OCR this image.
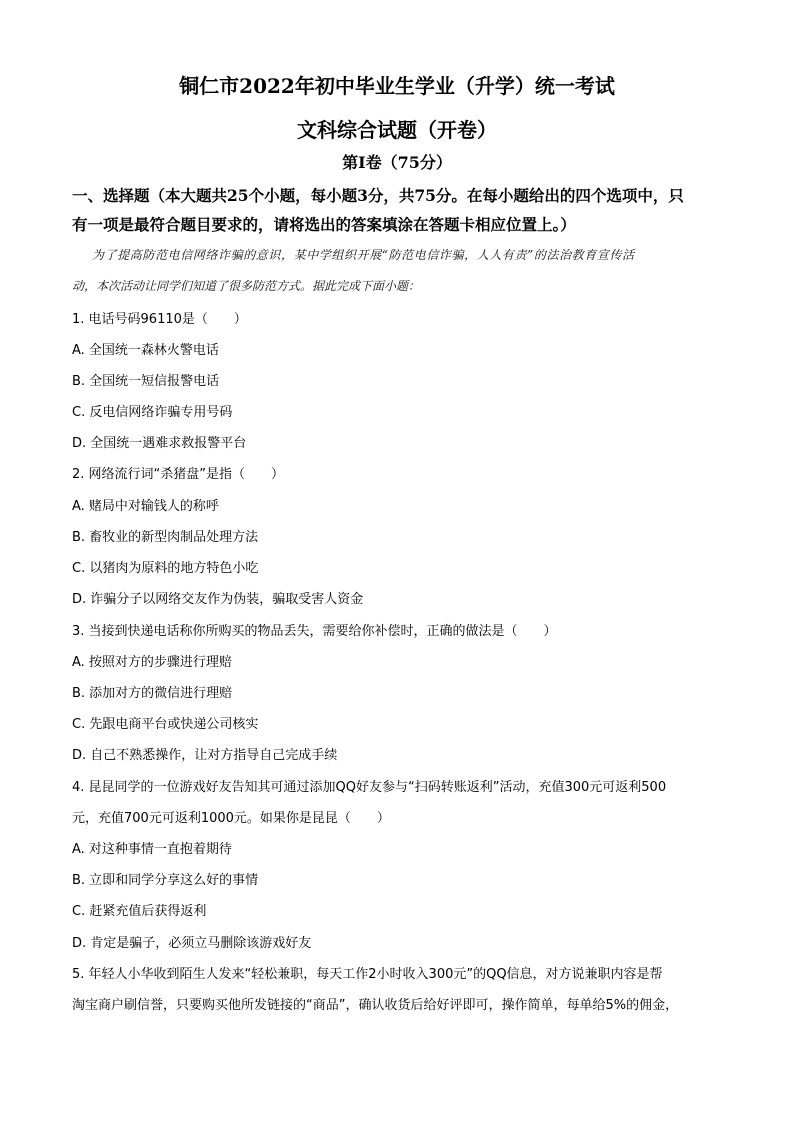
铜仁市2022年初中毕业生学业（升学）统一考试
文科综合试题（开卷）
第Ⅰ卷（75分）
一、选择题（本大题共25个小题，每小题3分，共75分。在每小题给出的四个选项中，只
有一项是最符合题目要求的，请将选出的答案填涂在答题卡相应位置上。）
为了提高防范电信网络诈骗的意识，某中学组织开展“防范电信诈骗，人人有责”的法治教育宣传活
动，本次活动让同学们知道了很多防范方式。据此完成下面小题：
1. 电话号码96110是（　　）
A. 全国统一森林火警电话
B. 全国统一短信报警电话
C. 反电信网络诈骗专用号码
D. 全国统一遇难求救报警平台
2. 网络流行词“杀猪盘”是指（　　）
A. 赌局中对输钱人的称呼
B. 畜牧业的新型肉制品处理方法
C. 以猪肉为原料的地方特色小吃
D. 诈骗分子以网络交友作为伪装，骗取受害人资金
3. 当接到快递电话称你所购买的物品丢失，需要给你补偿时，正确的做法是（　　）
A. 按照对方的步骤进行理赔
B. 添加对方的微信进行理赔
C. 先跟电商平台或快递公司核实
D. 自己不熟悉操作，让对方指导自己完成手续
4. 昆昆同学的一位游戏好友告知其可通过添加QQ好友参与“扫码转账返利”活动，充值300元可返利500
元，充值700元可返利1000元。如果你是昆昆（　　）
A. 对这种事情一直抱着期待
B. 立即和同学分享这么好的事情
C. 赶紧充值后获得返利
D. 肯定是骗子，必须立马删除该游戏好友
5. 年轻人小华收到陌生人发来“轻松兼职，每天工作2小时收入300元”的QQ信息，对方说兼职内容是帮
淘宝商户刷信誉，只要购买他所发链接的“商品”，确认收货后给好评即可，操作简单，每单给5%的佣金，
